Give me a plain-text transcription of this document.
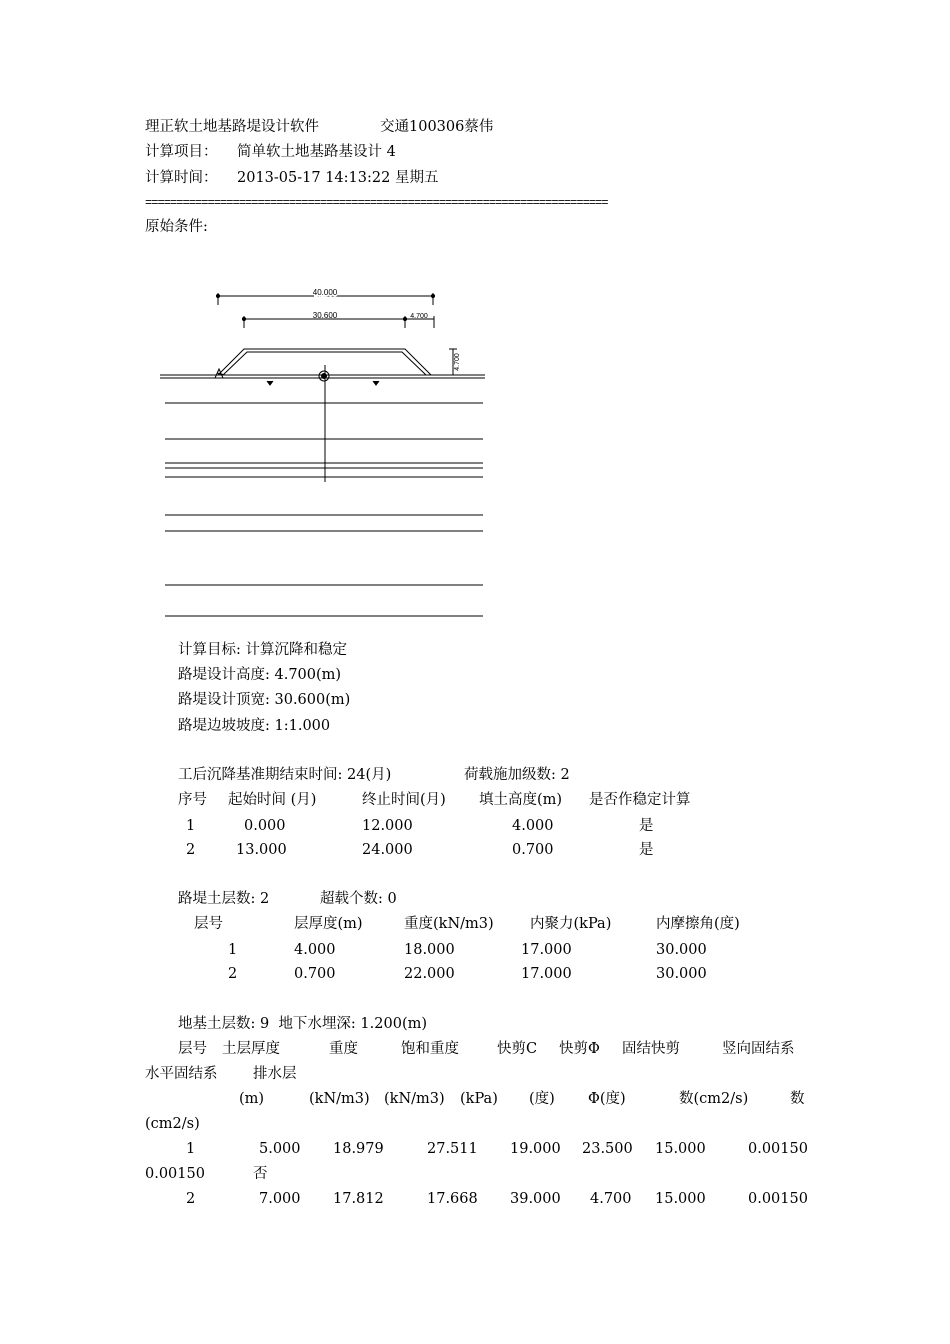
理正软土地基路堤设计软件	交通100306蔡伟
计算项目： 简单软土地基路基设计 4
计算时间： 2013-05-17 14:13:22 星期五
==========================================================================
原始条件:
40.000
30.600	4.700
4.700
计算目标: 计算沉降和稳定
路堤设计高度: 4.700(m)
路堤设计顶宽: 30.600(m)
路堤边坡坡度: 1:1.000
工后沉降基准期结束时间: 24(月)	荷载施加级数: 2
序号 起始时间 (月)	终止时间(月) 填土高度(m) 是否作稳定计算
1	0.000	12.000	4.000	是
2	13.000	24.000	0.700	是
路堤土层数: 2	超载个数: 0
层号	层厚度(m)	重度(kN/m3)	内聚力(kPa)	内摩擦角(度)
1	4.000	18.000	17.000	30.000
2	0.700	22.000	17.000	30.000
地基土层数: 9  地下水埋深: 1.200(m)
层号 土层厚度	重度	饱和重度	快剪C 快剪Φ 固结快剪	竖向固结系
水平固结系 排水层
(m)	(kN/m3) (kN/m3) (kPa) (度) Φ(度)	数(cm2/s)	数
(cm2/s)
1	5.000 18.979	27.511 19.000 23.500 15.000	0.00150
0.00150	否
2	7.000 17.812	17.668 39.000 4.700 15.000	0.00150
